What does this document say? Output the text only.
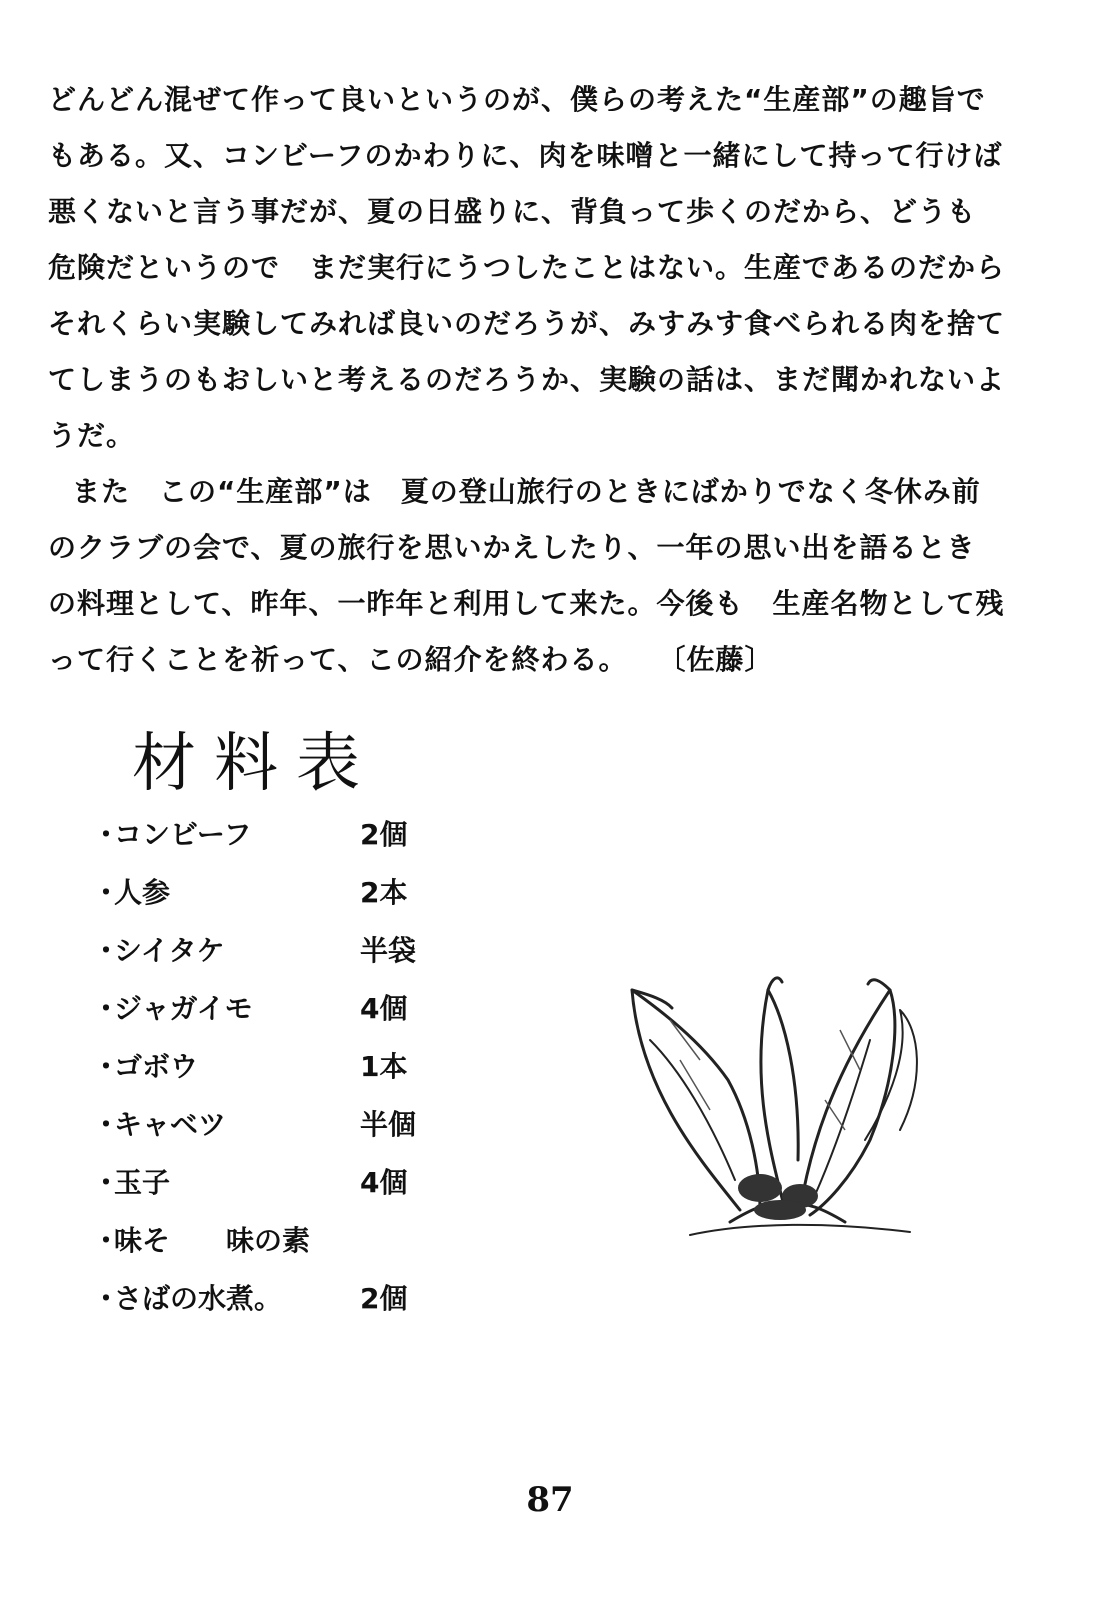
どんどん混ぜて作って良いというのが、僕らの考えた“生産部”の趣旨で
もある。又、コンビーフのかわりに、肉を味噌と一緒にして持って行けば
悪くないと言う事だが、夏の日盛りに、背負って歩くのだから、どうも
危険だというので　まだ実行にうつしたことはない。生産であるのだから
それくらい実験してみれば良いのだろうが、みすみす食べられる肉を捨て
てしまうのもおしいと考えるのだろうか、実験の話は、まだ聞かれないよ
うだ。
また　この“生産部”は　夏の登山旅行のときにばかりでなく冬休み前
のクラブの会で、夏の旅行を思いかえしたり、一年の思い出を語るとき
の料理として、昨年、一昨年と利用して来た。今後も　生産名物として残
って行くことを祈って、この紹介を終わる。　　〔佐藤〕
材料表
・コンビーフ	2個
・人参	2本
・シイタケ	半袋
・ジャガイモ	4個
・ゴボウ	1本
・キャベツ	半個
・玉子	4個
・味そ　　味の素
・さばの水煮。	2個
87
